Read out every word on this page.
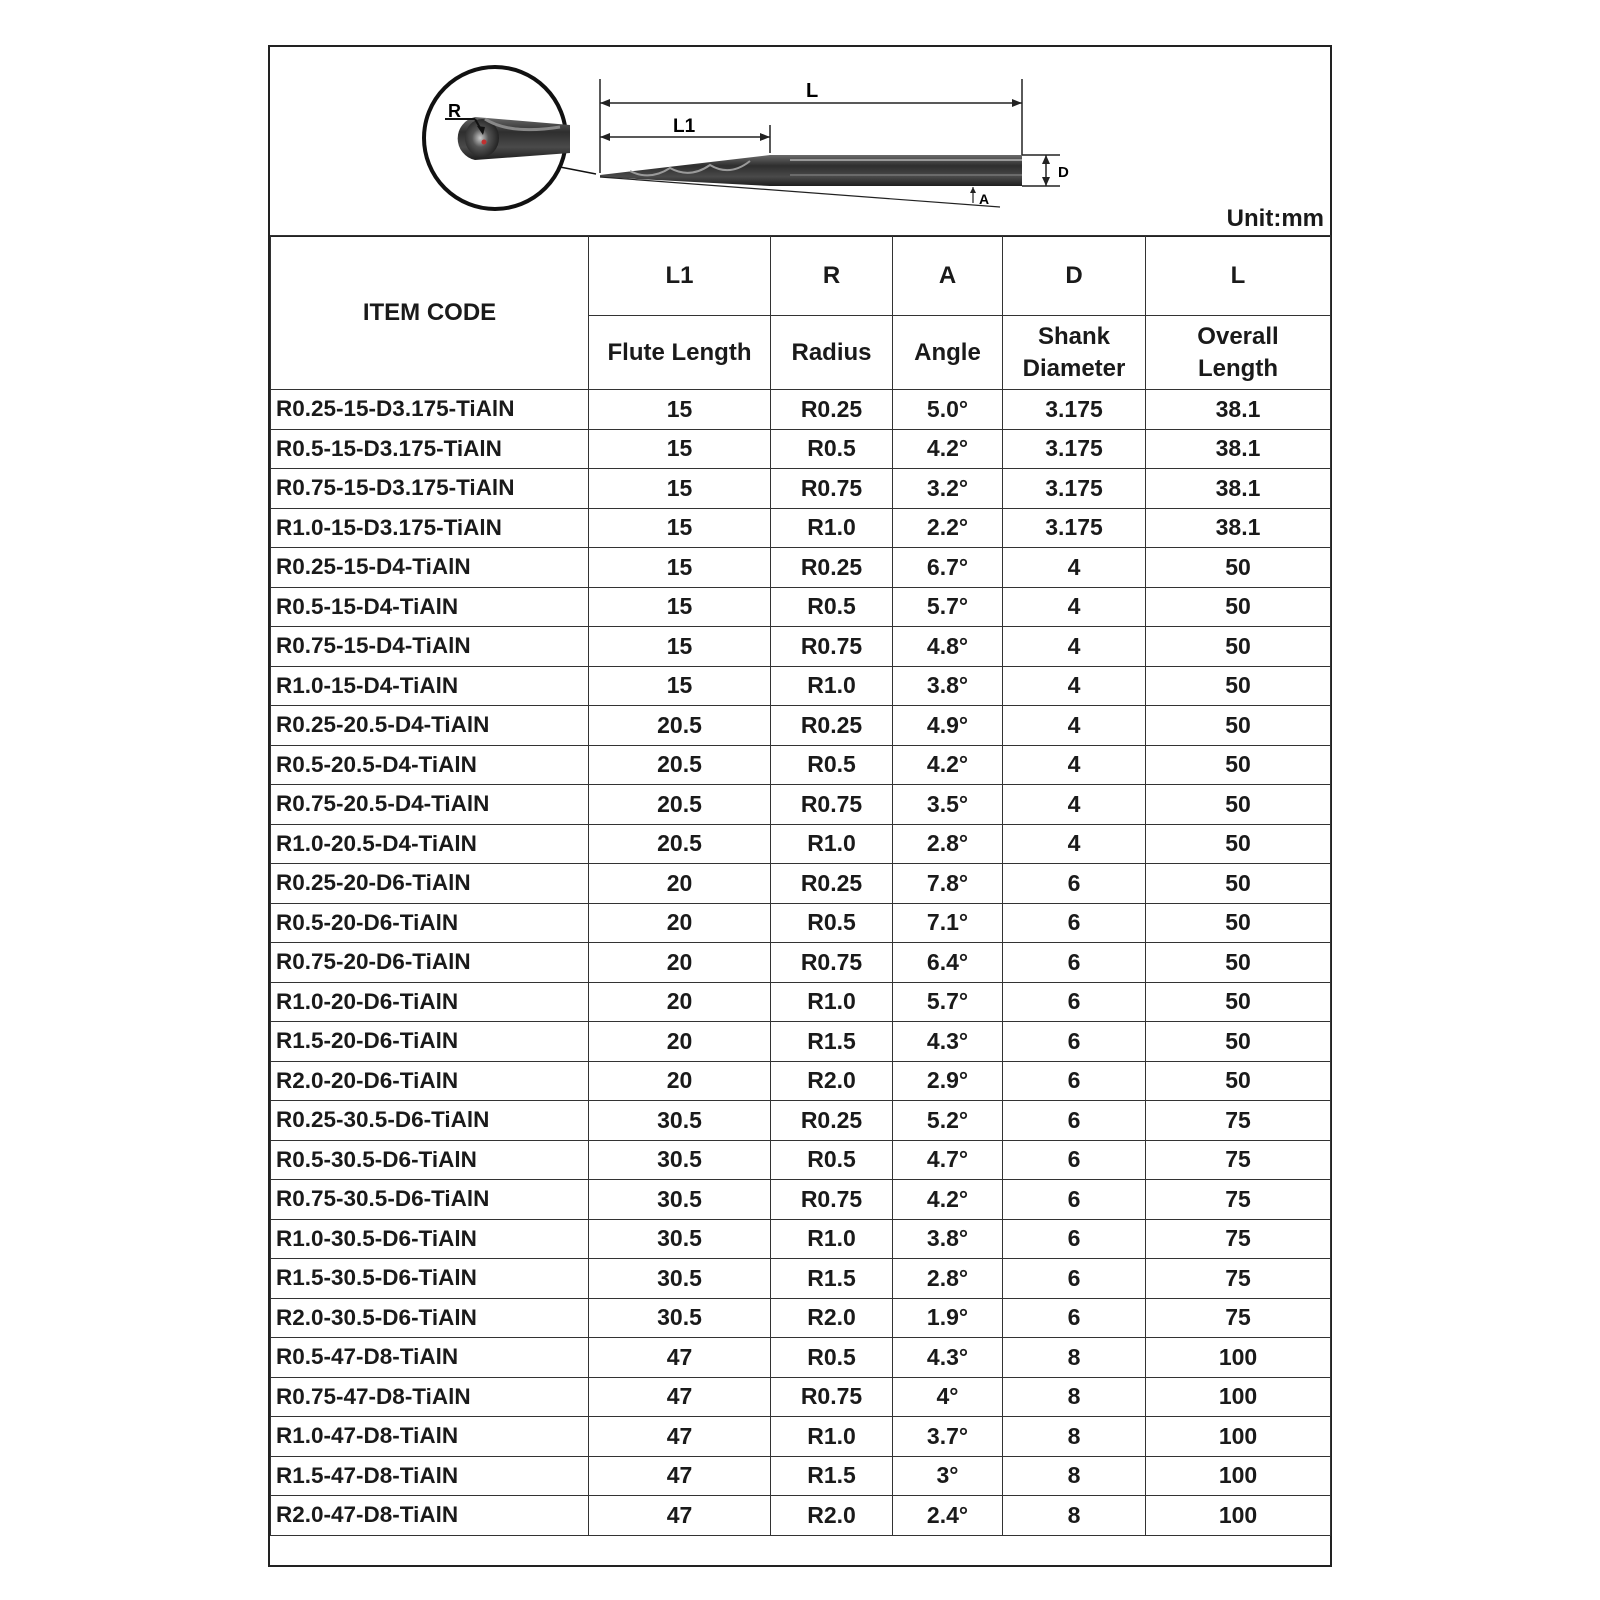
R
L
L1
D
A
Unit:mm
ITEM CODE	L1	R	A	D	L
	Flute Length	Radius	Angle	Shank Diameter	Overall Length
R0.25-15-D3.175-TiAlN	15	R0.25	5.0°	3.175	38.1
R0.5-15-D3.175-TiAlN	15	R0.5	4.2°	3.175	38.1
R0.75-15-D3.175-TiAlN	15	R0.75	3.2°	3.175	38.1
R1.0-15-D3.175-TiAlN	15	R1.0	2.2°	3.175	38.1
R0.25-15-D4-TiAlN	15	R0.25	6.7°	4	50
R0.5-15-D4-TiAlN	15	R0.5	5.7°	4	50
R0.75-15-D4-TiAlN	15	R0.75	4.8°	4	50
R1.0-15-D4-TiAlN	15	R1.0	3.8°	4	50
R0.25-20.5-D4-TiAlN	20.5	R0.25	4.9°	4	50
R0.5-20.5-D4-TiAlN	20.5	R0.5	4.2°	4	50
R0.75-20.5-D4-TiAlN	20.5	R0.75	3.5°	4	50
R1.0-20.5-D4-TiAlN	20.5	R1.0	2.8°	4	50
R0.25-20-D6-TiAlN	20	R0.25	7.8°	6	50
R0.5-20-D6-TiAlN	20	R0.5	7.1°	6	50
R0.75-20-D6-TiAlN	20	R0.75	6.4°	6	50
R1.0-20-D6-TiAlN	20	R1.0	5.7°	6	50
R1.5-20-D6-TiAlN	20	R1.5	4.3°	6	50
R2.0-20-D6-TiAlN	20	R2.0	2.9°	6	50
R0.25-30.5-D6-TiAlN	30.5	R0.25	5.2°	6	75
R0.5-30.5-D6-TiAlN	30.5	R0.5	4.7°	6	75
R0.75-30.5-D6-TiAlN	30.5	R0.75	4.2°	6	75
R1.0-30.5-D6-TiAlN	30.5	R1.0	3.8°	6	75
R1.5-30.5-D6-TiAlN	30.5	R1.5	2.8°	6	75
R2.0-30.5-D6-TiAlN	30.5	R2.0	1.9°	6	75
R0.5-47-D8-TiAlN	47	R0.5	4.3°	8	100
R0.75-47-D8-TiAlN	47	R0.75	4°	8	100
R1.0-47-D8-TiAlN	47	R1.0	3.7°	8	100
R1.5-47-D8-TiAlN	47	R1.5	3°	8	100
R2.0-47-D8-TiAlN	47	R2.0	2.4°	8	100
